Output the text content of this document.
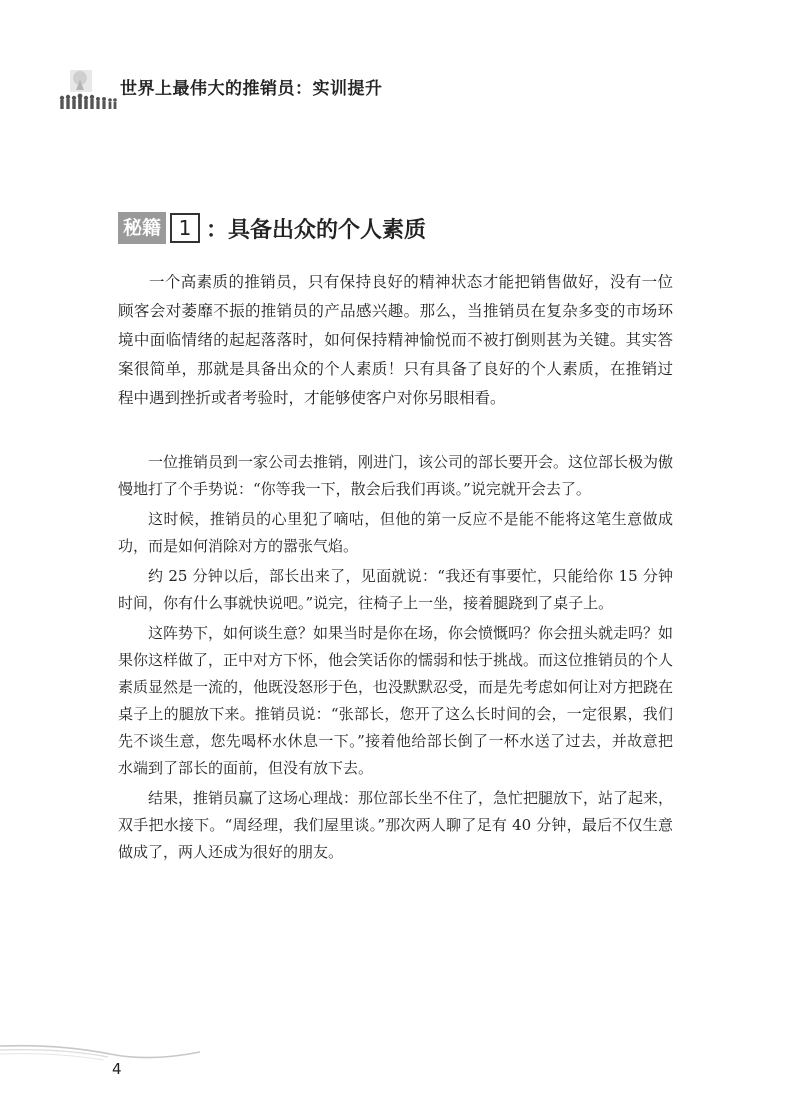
世界上最伟大的推销员：实训提升
秘籍 1 ：具备出众的个人素质

一个高素质的推销员，只有保持良好的精神状态才能把销售做好，没有一位顾客会对萎靡不振的推销员的产品感兴趣。那么，当推销员在复杂多变的市场环境中面临情绪的起起落落时，如何保持精神愉悦而不被打倒则甚为关键。其实答案很简单，那就是具备出众的个人素质！只有具备了良好的个人素质，在推销过程中遇到挫折或者考验时，才能够使客户对你另眼相看。

一位推销员到一家公司去推销，刚进门，该公司的部长要开会。这位部长极为傲慢地打了个手势说：“你等我一下，散会后我们再谈。”说完就开会去了。

这时候，推销员的心里犯了嘀咕，但他的第一反应不是能不能将这笔生意做成功，而是如何消除对方的嚣张气焰。

约 25 分钟以后，部长出来了，见面就说：“我还有事要忙，只能给你 15 分钟时间，你有什么事就快说吧。”说完，往椅子上一坐，接着腿跷到了桌子上。

这阵势下，如何谈生意？如果当时是你在场，你会愤慨吗？你会扭头就走吗？如果你这样做了，正中对方下怀，他会笑话你的懦弱和怯于挑战。而这位推销员的个人素质显然是一流的，他既没怒形于色，也没默默忍受，而是先考虑如何让对方把跷在桌子上的腿放下来。推销员说：“张部长，您开了这么长时间的会，一定很累，我们先不谈生意，您先喝杯水休息一下。”接着他给部长倒了一杯水送了过去，并故意把水端到了部长的面前，但没有放下去。

结果，推销员赢了这场心理战：那位部长坐不住了，急忙把腿放下，站了起来，双手把水接下。“周经理，我们屋里谈。”那次两人聊了足有 40 分钟，最后不仅生意做成了，两人还成为很好的朋友。

4
